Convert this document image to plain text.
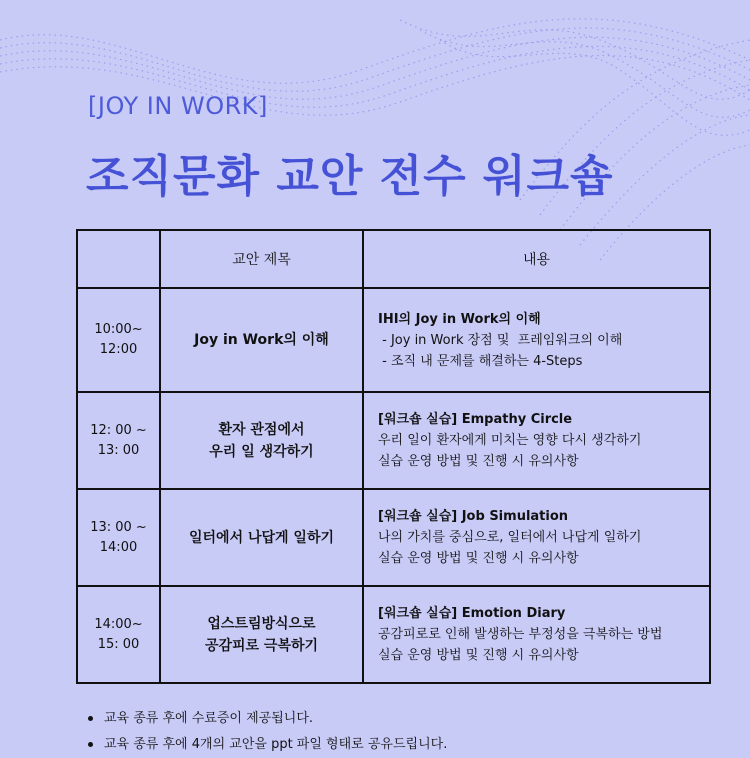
[JOY IN WORK]
조직문화 교안 전수 워크숍
	교안 제목	내용

10:00~
12:00	Joy in Work의 이해	IHI의 Joy in Work의 이해
- Joy in Work 장점 및  프레임워크의 이해
- 조직 내 문제를 해결하는 4-Steps

12: 00 ~
13: 00	환자 관점에서
우리 일 생각하기	[워크숍 실습] Empathy Circle
우리 일이 환자에게 미치는 영향 다시 생각하기
실습 운영 방법 및 진행 시 유의사항

13: 00 ~
14:00	일터에서 나답게 일하기	[워크숍 실습] Job Simulation
나의 가치를 중심으로, 일터에서 나답게 일하기
실습 운영 방법 및 진행 시 유의사항

14:00~
15: 00	업스트림방식으로
공감피로 극복하기	[워크숍 실습] Emotion Diary
공감피로로 인해 발생하는 부정성을 극복하는 방법
실습 운영 방법 및 진행 시 유의사항
교육 종류 후에 수료증이 제공됩니다.
교육 종류 후에 4개의 교안을 ppt 파일 형태로 공유드립니다.
